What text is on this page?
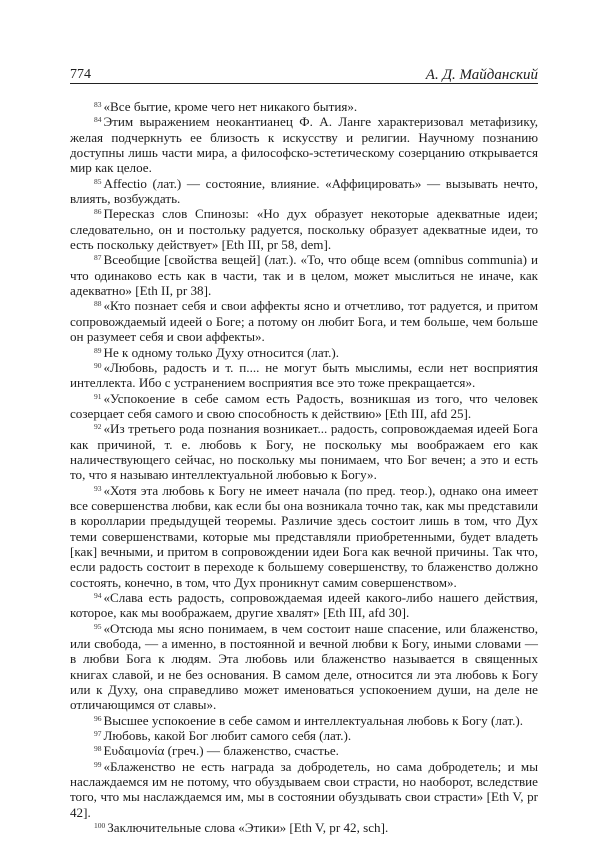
774	А. Д. Майданский

$^{83}$ «Все бытие, кроме чего нет никакого бытия».

$^{84}$ Этим выражением неокантианец Ф. А. Ланге характеризовал метафизику, желая подчеркнуть ее близость к искусству и религии. Научному познанию доступны лишь части мира, а философско-эстетическому созерцанию открывается мир как целое.

$^{85}$ Affectio (лат.) — состояние, влияние. «Аффицировать» — вызывать нечто, влиять, возбуждать.

$^{86}$ Пересказ слов Спинозы: «Но дух образует некоторые адекватные идеи; следовательно, он и постольку радуется, поскольку образует адекватные идеи, то есть поскольку действует» [Eth III, pr 58, dem].

$^{87}$ Всеобщие [свойства вещей] (лат.). «То, что обще всем (omnibus communia) и что одинаково есть как в части, так и в целом, может мыслиться не иначе, как адекватно» [Eth II, pr 38].

$^{88}$ «Кто познает себя и свои аффекты ясно и отчетливо, тот радуется, и притом сопровождаемый идеей о Боге; а потому он любит Бога, и тем больше, чем больше он разумеет себя и свои аффекты».

$^{89}$ Не к одному только Духу относится (лат.).

$^{90}$ «Любовь, радость и т. п.... не могут быть мыслимы, если нет восприятия интеллекта. Ибо с устранением восприятия все это тоже прекращается».

$^{91}$ «Успокоение в себе самом есть Радость, возникшая из того, что человек созерцает себя самого и свою способность к действию» [Eth III, afd 25].

$^{92}$ «Из третьего рода познания возникает... радость, сопровождаемая идеей Бога как причиной, т. е. любовь к Богу, не поскольку мы воображаем его как наличествующего сейчас, но поскольку мы понимаем, что Бог вечен; а это и есть то, что я называю интеллектуальной любовью к Богу».

$^{93}$ «Хотя эта любовь к Богу не имеет начала (по пред. теор.), однако она имеет все совершенства любви, как если бы она возникала точно так, как мы представили в королларии предыдущей теоремы. Различие здесь состоит лишь в том, что Дух теми совершенствами, которые мы представляли приобретенными, будет владеть [как] вечными, и притом в сопровождении идеи Бога как вечной причины. Так что, если радость состоит в переходе к большему совершенству, то блаженство должно состоять, конечно, в том, что Дух проникнут самим совершенством».

$^{94}$ «Слава есть радость, сопровождаемая идеей какого-либо нашего действия, которое, как мы воображаем, другие хвалят» [Eth III, afd 30].

$^{95}$ «Отсюда мы ясно понимаем, в чем состоит наше спасение, или блаженство, или свобода, — а именно, в постоянной и вечной любви к Богу, иными словами — в любви Бога к людям. Эта любовь или блаженство называется в священных книгах славой, и не без основания. В самом деле, относится ли эта любовь к Богу или к Духу, она справедливо может именоваться успокоением души, на деле не отличающимся от славы».

$^{96}$ Высшее успокоение в себе самом и интеллектуальная любовь к Богу (лат.).

$^{97}$ Любовь, какой Бог любит самого себя (лат.).

$^{98}$ Ευδαιμονία (греч.) — блаженство, счастье.

$^{99}$ «Блаженство не есть награда за добродетель, но сама добродетель; и мы наслаждаемся им не потому, что обуздываем свои страсти, но наоборот, вследствие того, что мы наслаждаемся им, мы в состоянии обуздывать свои страсти» [Eth V, pr 42].

$^{100}$ Заключительные слова «Этики» [Eth V, pr 42, sch].
